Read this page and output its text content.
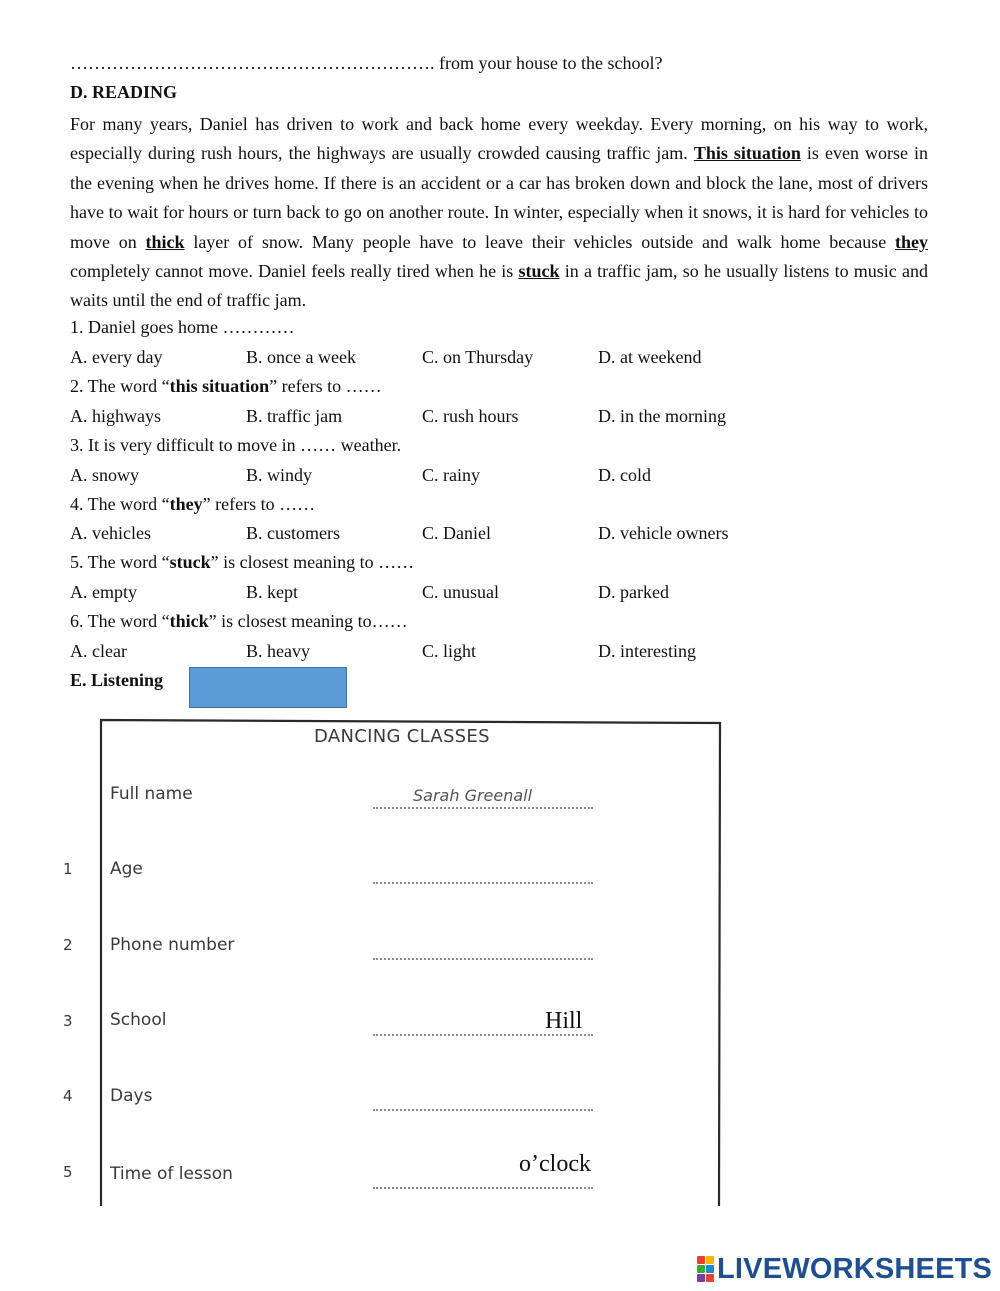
……………………………………………………. from your house to the school?
D. READING

For many years, Daniel has driven to work and back home every weekday. Every morning, on his way to work, especially during rush hours, the highways are usually crowded causing traffic jam. This situation is even worse in the evening when he drives home. If there is an accident or a car has broken down and block the lane, most of drivers have to wait for hours or turn back to go on another route. In winter, especially when it snows, it is hard for vehicles to move on thick layer of snow. Many people have to leave their vehicles outside and walk home because they completely cannot move. Daniel feels really tired when he is stuck in a traffic jam, so he usually listens to music and waits until the end of traffic jam.

1. Daniel goes home …………
A. every day	B. once a week	C. on Thursday	D. at weekend
2. The word “this situation” refers to ……
A. highways	B. traffic jam	C. rush hours	D. in the morning
3. It is very difficult to move in …… weather.
A. snowy	B. windy	C. rainy	D. cold
4. The word “they” refers to ……
A. vehicles	B. customers	C. Daniel	D. vehicle owners
5. The word “stuck” is closest meaning to ……
A. empty	B. kept	C. unusual	D. parked
6. The word “thick” is closest meaning to……
A. clear	B. heavy	C. light	D. interesting
E. Listening
DANCING CLASSES
Full name	Sarah Greenall
1 Age
2 Phone number
3 School	Hill
4 Days
5 Time of lesson	o’clock
LIVEWORKSHEETS
